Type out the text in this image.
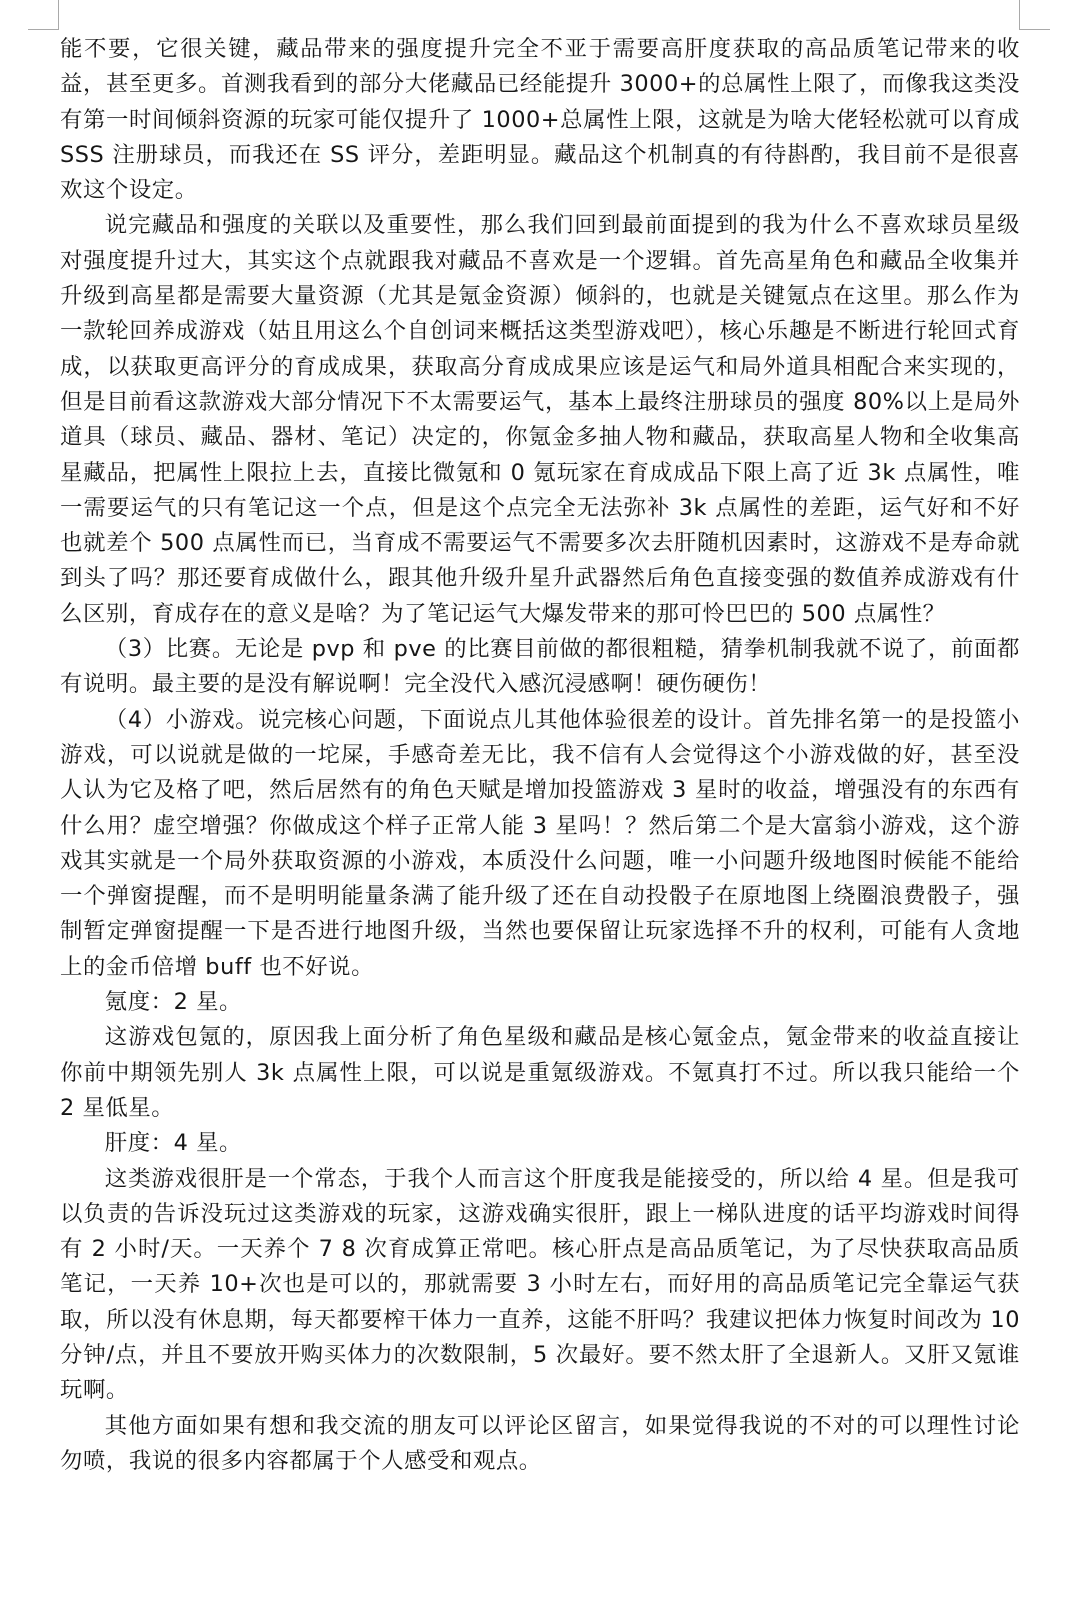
能不要，它很关键，藏品带来的强度提升完全不亚于需要高肝度获取的高品质笔记带来的收益，甚至更多。首测我看到的部分大佬藏品已经能提升 3000+的总属性上限了，而像我这类没有第一时间倾斜资源的玩家可能仅提升了 1000+总属性上限，这就是为啥大佬轻松就可以育成 SSS 注册球员，而我还在 SS 评分，差距明显。藏品这个机制真的有待斟酌，我目前不是很喜欢这个设定。

说完藏品和强度的关联以及重要性，那么我们回到最前面提到的我为什么不喜欢球员星级对强度提升过大，其实这个点就跟我对藏品不喜欢是一个逻辑。首先高星角色和藏品全收集并升级到高星都是需要大量资源（尤其是氪金资源）倾斜的，也就是关键氪点在这里。那么作为一款轮回养成游戏（姑且用这么个自创词来概括这类型游戏吧），核心乐趣是不断进行轮回式育成，以获取更高评分的育成成果，获取高分育成成果应该是运气和局外道具相配合来实现的，但是目前看这款游戏大部分情况下不太需要运气，基本上最终注册球员的强度 80%以上是局外道具（球员、藏品、器材、笔记）决定的，你氪金多抽人物和藏品，获取高星人物和全收集高星藏品，把属性上限拉上去，直接比微氪和 0 氪玩家在育成成品下限上高了近 3k 点属性，唯一需要运气的只有笔记这一个点，但是这个点完全无法弥补 3k 点属性的差距，运气好和不好也就差个 500 点属性而已，当育成不需要运气不需要多次去肝随机因素时，这游戏不是寿命就到头了吗？那还要育成做什么，跟其他升级升星升武器然后角色直接变强的数值养成游戏有什么区别，育成存在的意义是啥？为了笔记运气大爆发带来的那可怜巴巴的 500 点属性？

（3）比赛。无论是 pvp 和 pve 的比赛目前做的都很粗糙，猜拳机制我就不说了，前面都有说明。最主要的是没有解说啊！完全没代入感沉浸感啊！硬伤硬伤！

（4）小游戏。说完核心问题，下面说点儿其他体验很差的设计。首先排名第一的是投篮小游戏，可以说就是做的一坨屎，手感奇差无比，我不信有人会觉得这个小游戏做的好，甚至没人认为它及格了吧，然后居然有的角色天赋是增加投篮游戏 3 星时的收益，增强没有的东西有什么用？虚空增强？你做成这个样子正常人能 3 星吗！？然后第二个是大富翁小游戏，这个游戏其实就是一个局外获取资源的小游戏，本质没什么问题，唯一小问题升级地图时候能不能给一个弹窗提醒，而不是明明能量条满了能升级了还在自动投骰子在原地图上绕圈浪费骰子，强制暂定弹窗提醒一下是否进行地图升级，当然也要保留让玩家选择不升的权利，可能有人贪地上的金币倍增 buff 也不好说。

氪度：2 星。

这游戏包氪的，原因我上面分析了角色星级和藏品是核心氪金点，氪金带来的收益直接让你前中期领先别人 3k 点属性上限，可以说是重氪级游戏。不氪真打不过。所以我只能给一个 2 星低星。

肝度：4 星。

这类游戏很肝是一个常态，于我个人而言这个肝度我是能接受的，所以给 4 星。但是我可以负责的告诉没玩过这类游戏的玩家，这游戏确实很肝，跟上一梯队进度的话平均游戏时间得有 2 小时/天。一天养个 7 8 次育成算正常吧。核心肝点是高品质笔记，为了尽快获取高品质笔记，一天养 10+次也是可以的，那就需要 3 小时左右，而好用的高品质笔记完全靠运气获取，所以没有休息期，每天都要榨干体力一直养，这能不肝吗？我建议把体力恢复时间改为 10 分钟/点，并且不要放开购买体力的次数限制，5 次最好。要不然太肝了全退新人。又肝又氪谁玩啊。

其他方面如果有想和我交流的朋友可以评论区留言，如果觉得我说的不对的可以理性讨论勿喷，我说的很多内容都属于个人感受和观点。
